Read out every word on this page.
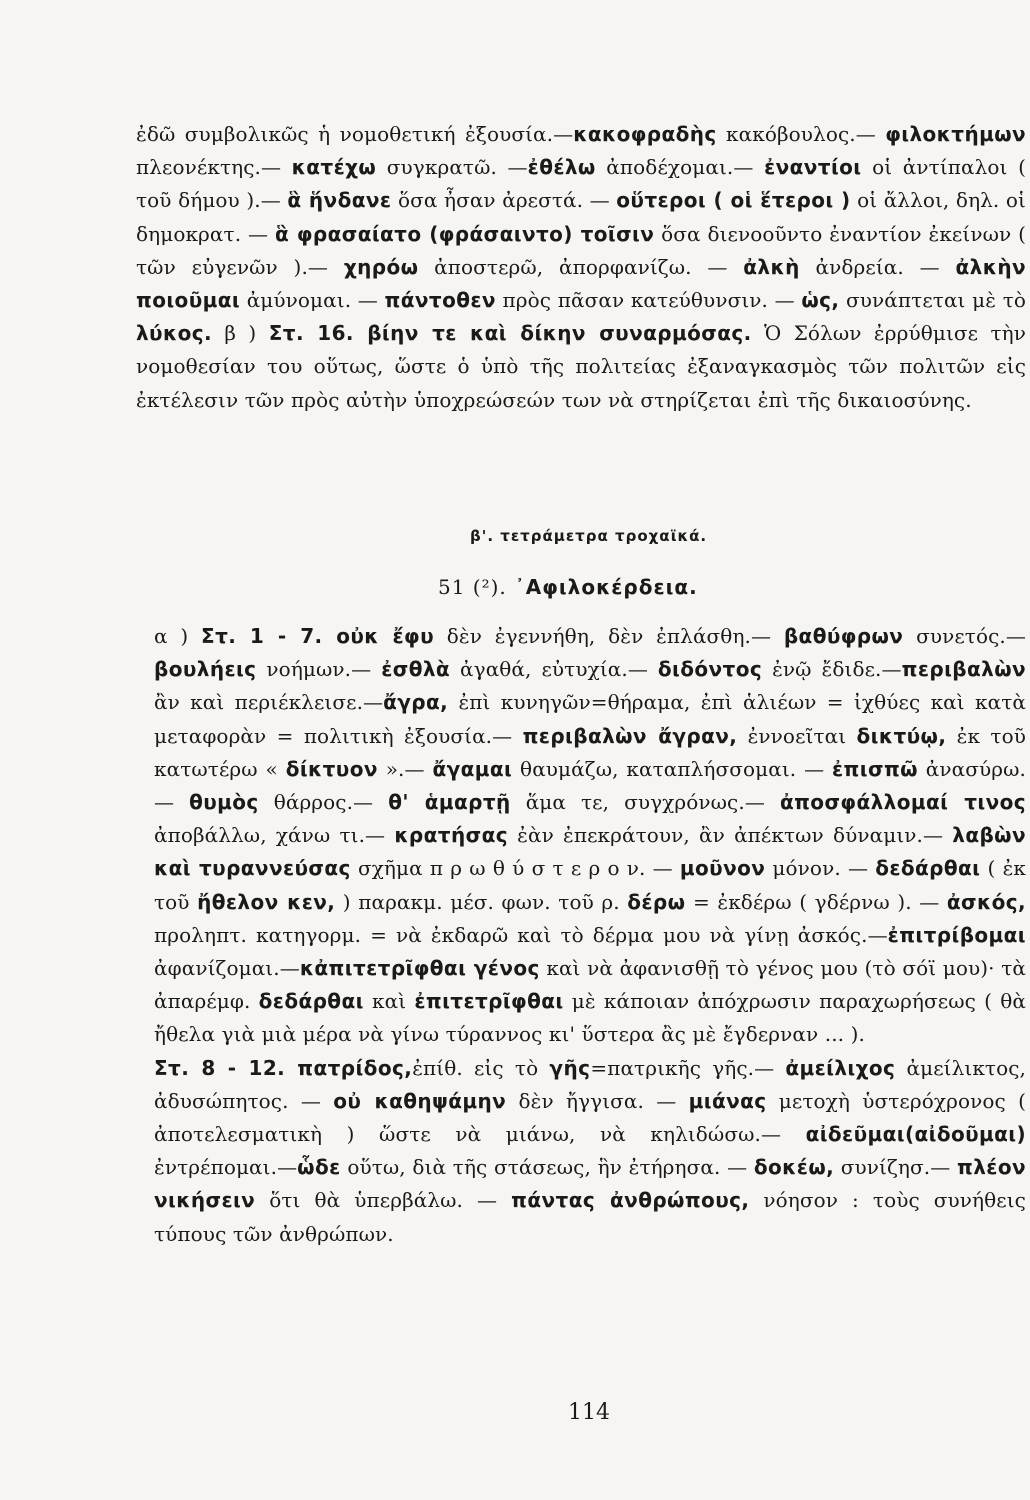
ἐδῶ συμβολικῶς ἡ νομοθετική ἐξουσία.—κακοφραδὴς κακόβουλος.— φιλοκτήμων πλεονέκτης.— κατέχω συγκρατῶ. —ἐθέλω ἀποδέχομαι.— ἐναντίοι οἱ ἀντίπαλοι ( τοῦ δήμου ).— ἃ ἥνδανε ὅσα ἦσαν ἀρεστά. — οὕτεροι ( οἱ ἕτεροι ) οἱ ἄλλοι, δηλ. οἱ δημοκρατ. — ἃ φρασαίατο (φράσαιντο) τοῖσιν ὅσα διενοοῦντο ἐναντίον ἐκείνων ( τῶν εὐγενῶν ).— χηρόω ἀποστερῶ, ἀπορφανίζω. — ἀλκὴ ἀνδρεία. — ἀλκὴν ποιοῦμαι ἀμύνομαι. — πάντοθεν πρὸς πᾶσαν κατεύθυνσιν. — ὡς, συνάπτεται μὲ τὸ λύκος. β ) Στ. 16. βίην τε καὶ δίκην συναρμόσας. Ὁ Σόλων ἐρρύθμισε τὴν νομοθεσίαν του οὕτως, ὥστε ὁ ὑπὸ τῆς πολιτείας ἐξαναγκασμὸς τῶν πολιτῶν εἰς ἐκτέλεσιν τῶν πρὸς αὐτὴν ὑποχρεώσεών των νὰ στηρίζεται ἐπὶ τῆς δικαιοσύνης.
β'. τετράμετρα τροχαϊκά.
51 (²). ᾿Αφιλοκέρδεια.
α ) Στ. 1 - 7. οὐκ ἔφυ δὲν ἐγεννήθη, δὲν ἐπλάσθη.— βαθύφρων συνετός.— βουλήεις νοήμων.— ἐσθλὰ ἀγαθά, εὐτυχία.— διδόντος ἐνῷ ἔδιδε.—περιβαλὼν ἂν καὶ περιέκλεισε.—ἄγρα, ἐπὶ κυνηγῶν=θήραμα, ἐπὶ ἁλιέων = ἰχθύες καὶ κατὰ μεταφορὰν = πολιτικὴ ἐξουσία.— περιβαλὼν ἄγραν, ἐννοεῖται δικτύῳ, ἐκ τοῦ κατωτέρω « δίκτυον ».— ἄγαμαι θαυμάζω, καταπλήσσομαι. — ἐπισπῶ ἀνασύρω.— θυμὸς θάρρος.— θ' ἁμαρτῇ ἅμα τε, συγχρόνως.— ἀποσφάλλομαί τινος ἀποβάλλω, χάνω τι.— κρατήσας ἐὰν ἐπεκράτουν, ἂν ἀπέκτων δύναμιν.— λαβὼν καὶ τυραννεύσας σχῆμα π ρ ω θ ύ σ τ ε ρ ο ν. — μοῦνον μόνον. — δεδάρθαι ( ἐκ τοῦ ἤθελον κεν, ) παρακμ. μέσ. φων. τοῦ ρ. δέρω = ἐκδέρω ( γδέρνω ). — ἀσκός, προληπτ. κατηγορμ. = νὰ ἐκδαρῶ καὶ τὸ δέρμα μου νὰ γίνῃ ἀσκός.—ἐπιτρίβομαι ἀφανίζομαι.—κἀπιτετρῖφθαι γένος καὶ νὰ ἀφανισθῇ τὸ γένος μου (τὸ σόϊ μου)· τὰ ἀπαρέμφ. δεδάρθαι καὶ ἐπιτετρῖφθαι μὲ κάποιαν ἀπόχρωσιν παραχωρήσεως ( θὰ ἤθελα γιὰ μιὰ μέρα νὰ γίνω τύραννος κι' ὕστερα ἂς μὲ ἔγδερναν ... ).
Στ. 8 - 12. πατρίδος,ἐπίθ. εἰς τὸ γῆς=πατρικῆς γῆς.— ἀμείλιχος ἀμείλικτος, ἀδυσώπητος. — οὐ καθηψάμην δὲν ἤγγισα. — μιάνας μετοχὴ ὑστερόχρονος ( ἀποτελεσματικὴ ) ὥστε νὰ μιάνω, νὰ κηλιδώσω.— αἰδεῦμαι(αἰδοῦμαι) ἐντρέπομαι.—ὧδε οὕτω, διὰ τῆς στάσεως, ἣν ἐτήρησα. — δοκέω, συνίζησ.— πλέον νικήσειν ὅτι θὰ ὑπερβάλω. — πάντας ἀνθρώπους, νόησον : τοὺς συνήθεις τύπους τῶν ἀνθρώπων.
114
